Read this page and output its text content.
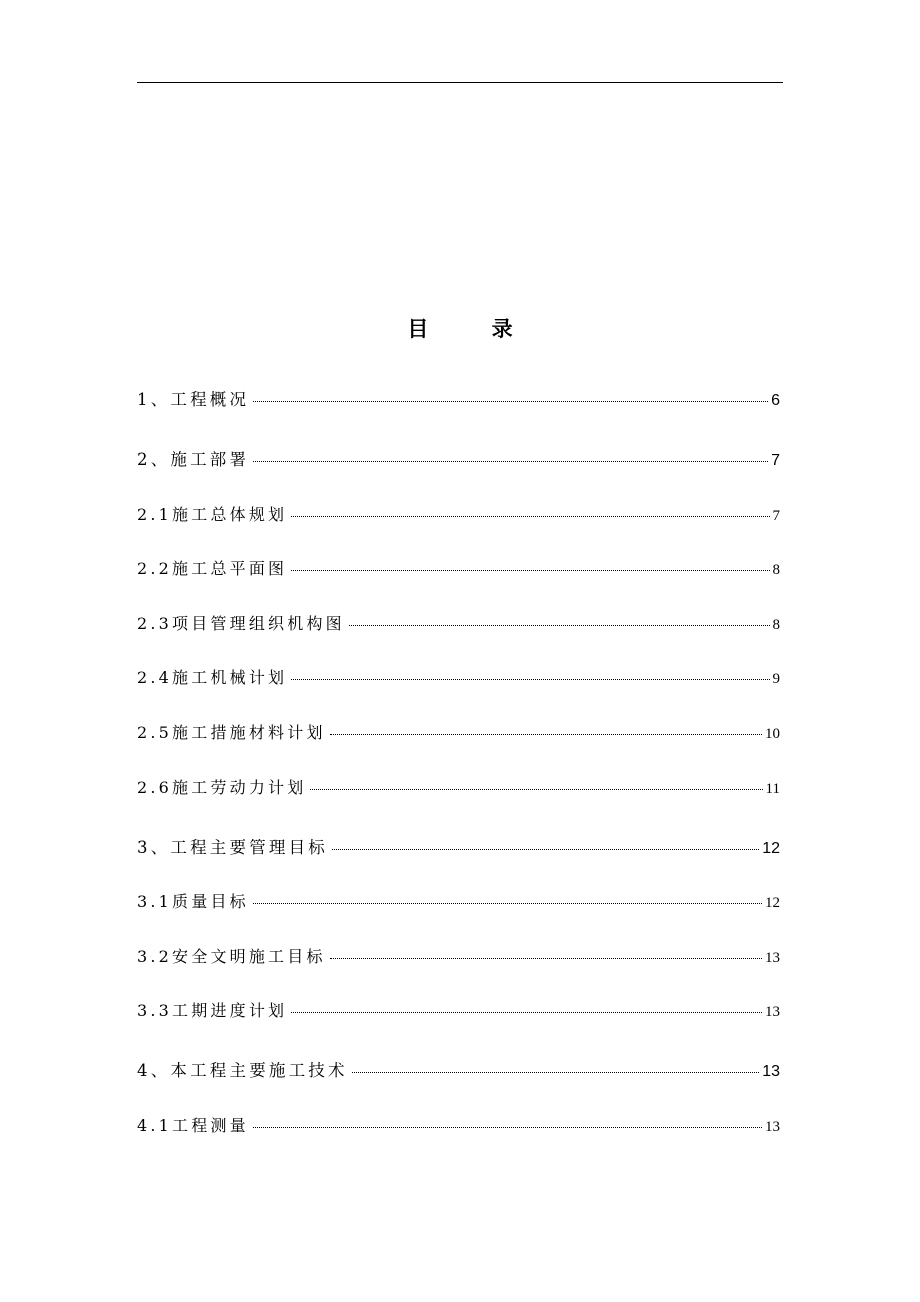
目 录
1、工程概况	6
2、施工部署	7
2.1施工总体规划	7
2.2施工总平面图	8
2.3项目管理组织机构图	8
2.4施工机械计划	9
2.5施工措施材料计划	10
2.6施工劳动力计划	11
3、工程主要管理目标	12
3.1质量目标	12
3.2安全文明施工目标	13
3.3工期进度计划	13
4、本工程主要施工技术	13
4.1工程测量	13
